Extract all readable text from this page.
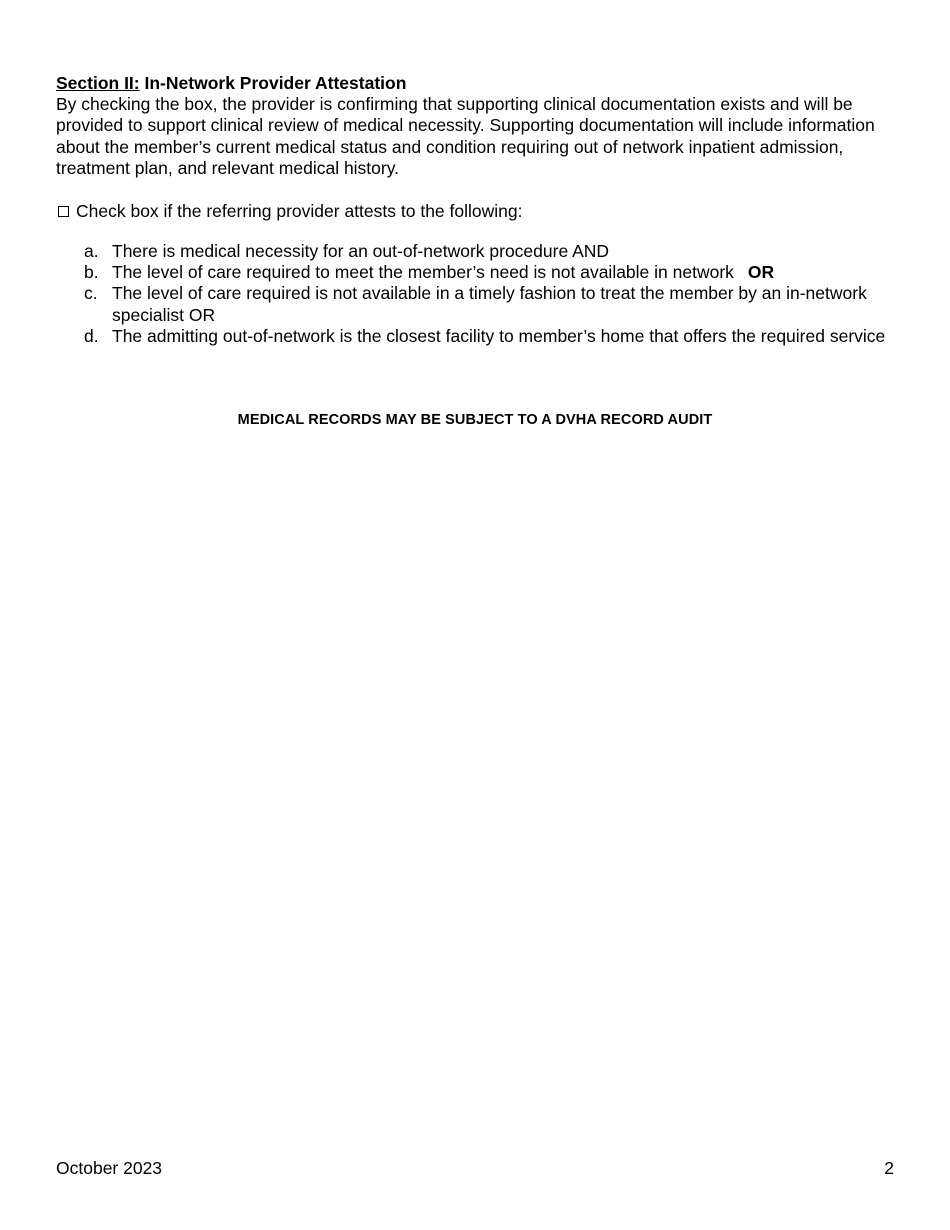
Section II: In-Network Provider Attestation

By checking the box, the provider is confirming that supporting clinical documentation exists and will be provided to support clinical review of medical necessity. Supporting documentation will include information about the member’s current medical status and condition requiring out of network inpatient admission, treatment plan, and relevant medical history.

Check box if the referring provider attests to the following:
a. There is medical necessity for an out-of-network procedure AND
b. The level of care required to meet the member’s need is not available in network OR
c. The level of care required is not available in a timely fashion to treat the member by an in-network specialist OR
d. The admitting out-of-network is the closest facility to member’s home that offers the required service
MEDICAL RECORDS MAY BE SUBJECT TO A DVHA RECORD AUDIT
October 2023	2
